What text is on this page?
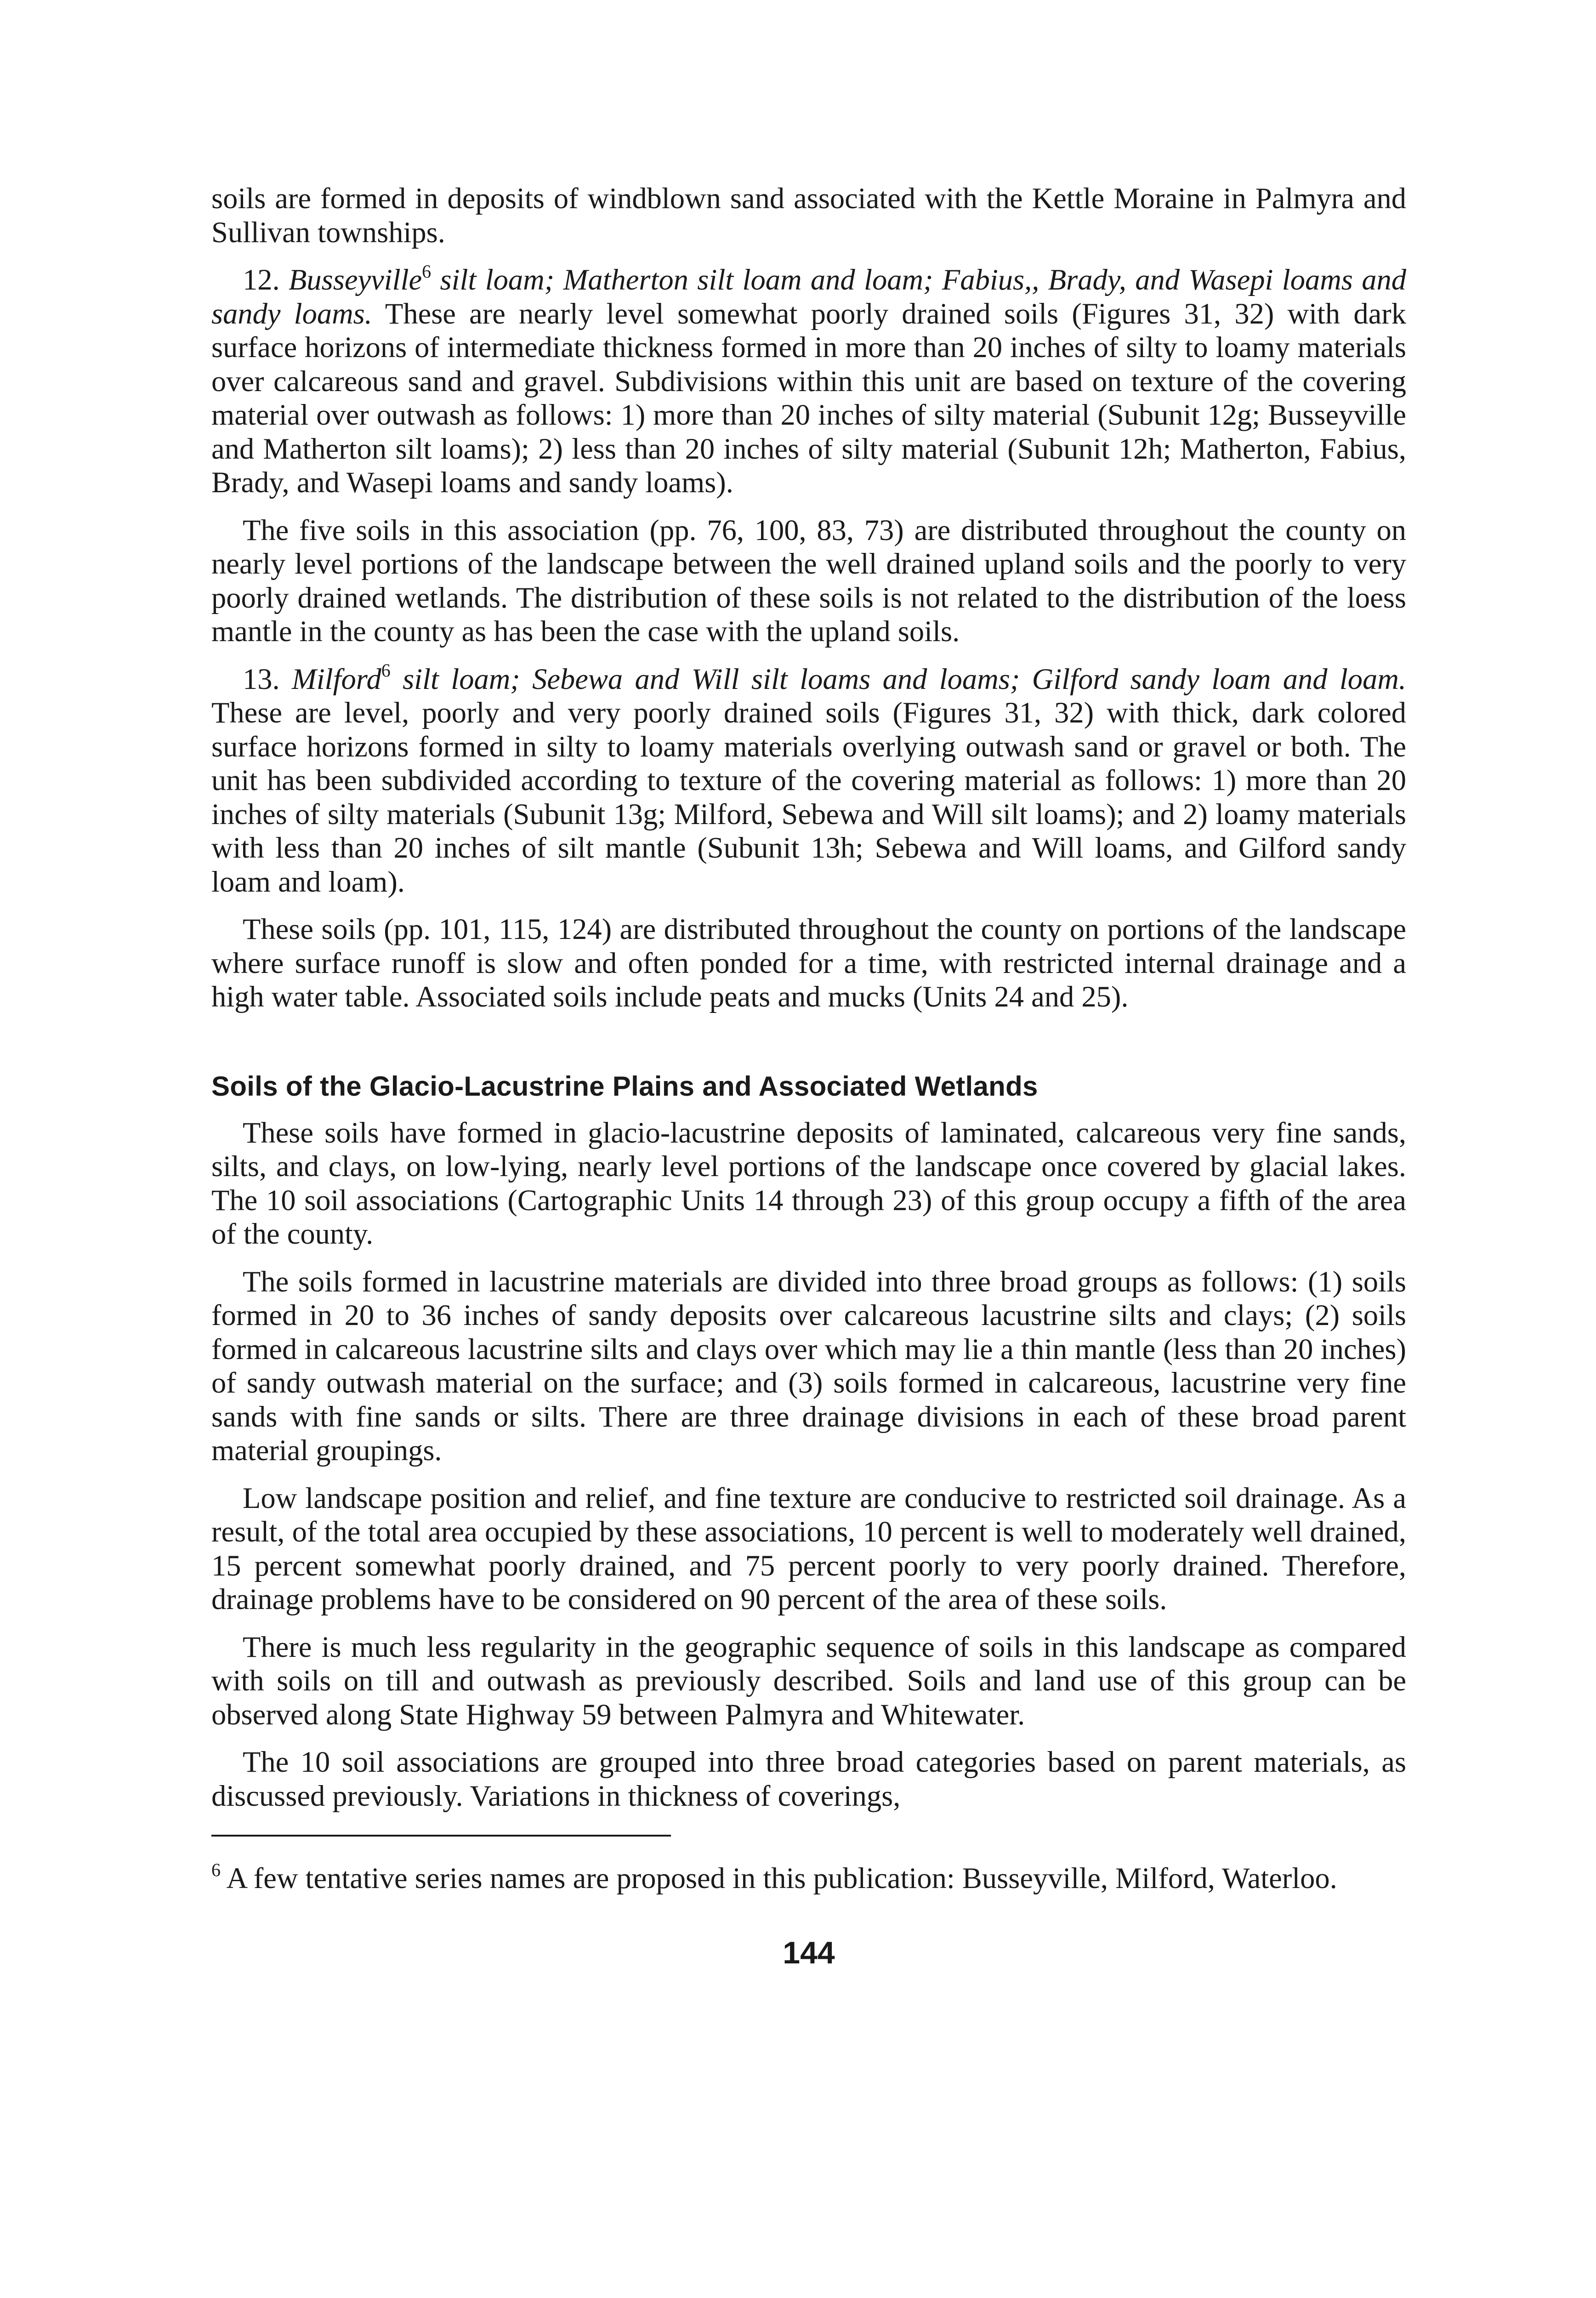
soils are formed in deposits of windblown sand associated with the Kettle Moraine in Palmyra and Sullivan townships.

12. Busseyville$^6$ silt loam; Matherton silt loam and loam; Fabius,, Brady, and Wasepi loams and sandy loams. These are nearly level somewhat poorly drained soils (Figures 31, 32) with dark surface horizons of intermediate thickness formed in more than 20 inches of silty to loamy materials over calcareous sand and gravel. Subdivisions within this unit are based on texture of the covering material over outwash as follows: 1) more than 20 inches of silty material (Subunit 12g; Busseyville and Matherton silt loams); 2) less than 20 inches of silty material (Subunit 12h; Matherton, Fabius, Brady, and Wasepi loams and sandy loams).

The five soils in this association (pp. 76, 100, 83, 73) are distributed throughout the county on nearly level portions of the landscape between the well drained upland soils and the poorly to very poorly drained wetlands. The distribution of these soils is not related to the distribution of the loess mantle in the county as has been the case with the upland soils.

13. Milford$^6$ silt loam; Sebewa and Will silt loams and loams; Gilford sandy loam and loam. These are level, poorly and very poorly drained soils (Figures 31, 32) with thick, dark colored surface horizons formed in silty to loamy materials overlying outwash sand or gravel or both. The unit has been subdivided according to texture of the covering material as follows: 1) more than 20 inches of silty materials (Subunit 13g; Milford, Sebewa and Will silt loams); and 2) loamy materials with less than 20 inches of silt mantle (Subunit 13h; Sebewa and Will loams, and Gilford sandy loam and loam).

These soils (pp. 101, 115, 124) are distributed throughout the county on portions of the landscape where surface runoff is slow and often ponded for a time, with restricted internal drainage and a high water table. Associated soils include peats and mucks (Units 24 and 25).

Soils of the Glacio-Lacustrine Plains and Associated Wetlands

These soils have formed in glacio-lacustrine deposits of laminated, calcareous very fine sands, silts, and clays, on low-lying, nearly level portions of the landscape once covered by glacial lakes. The 10 soil associations (Cartographic Units 14 through 23) of this group occupy a fifth of the area of the county.

The soils formed in lacustrine materials are divided into three broad groups as follows: (1) soils formed in 20 to 36 inches of sandy deposits over calcareous lacustrine silts and clays; (2) soils formed in calcareous lacustrine silts and clays over which may lie a thin mantle (less than 20 inches) of sandy outwash material on the surface; and (3) soils formed in calcareous, lacustrine very fine sands with fine sands or silts. There are three drainage divisions in each of these broad parent material groupings.

Low landscape position and relief, and fine texture are conducive to restricted soil drainage. As a result, of the total area occupied by these associations, 10 percent is well to moderately well drained, 15 percent somewhat poorly drained, and 75 percent poorly to very poorly drained. Therefore, drainage problems have to be considered on 90 percent of the area of these soils.

There is much less regularity in the geographic sequence of soils in this landscape as compared with soils on till and outwash as previously described. Soils and land use of this group can be observed along State Highway 59 between Palmyra and Whitewater.

The 10 soil associations are grouped into three broad categories based on parent materials, as discussed previously. Variations in thickness of coverings,

$^6$ A few tentative series names are proposed in this publication: Busseyville, Milford, Waterloo.

144
